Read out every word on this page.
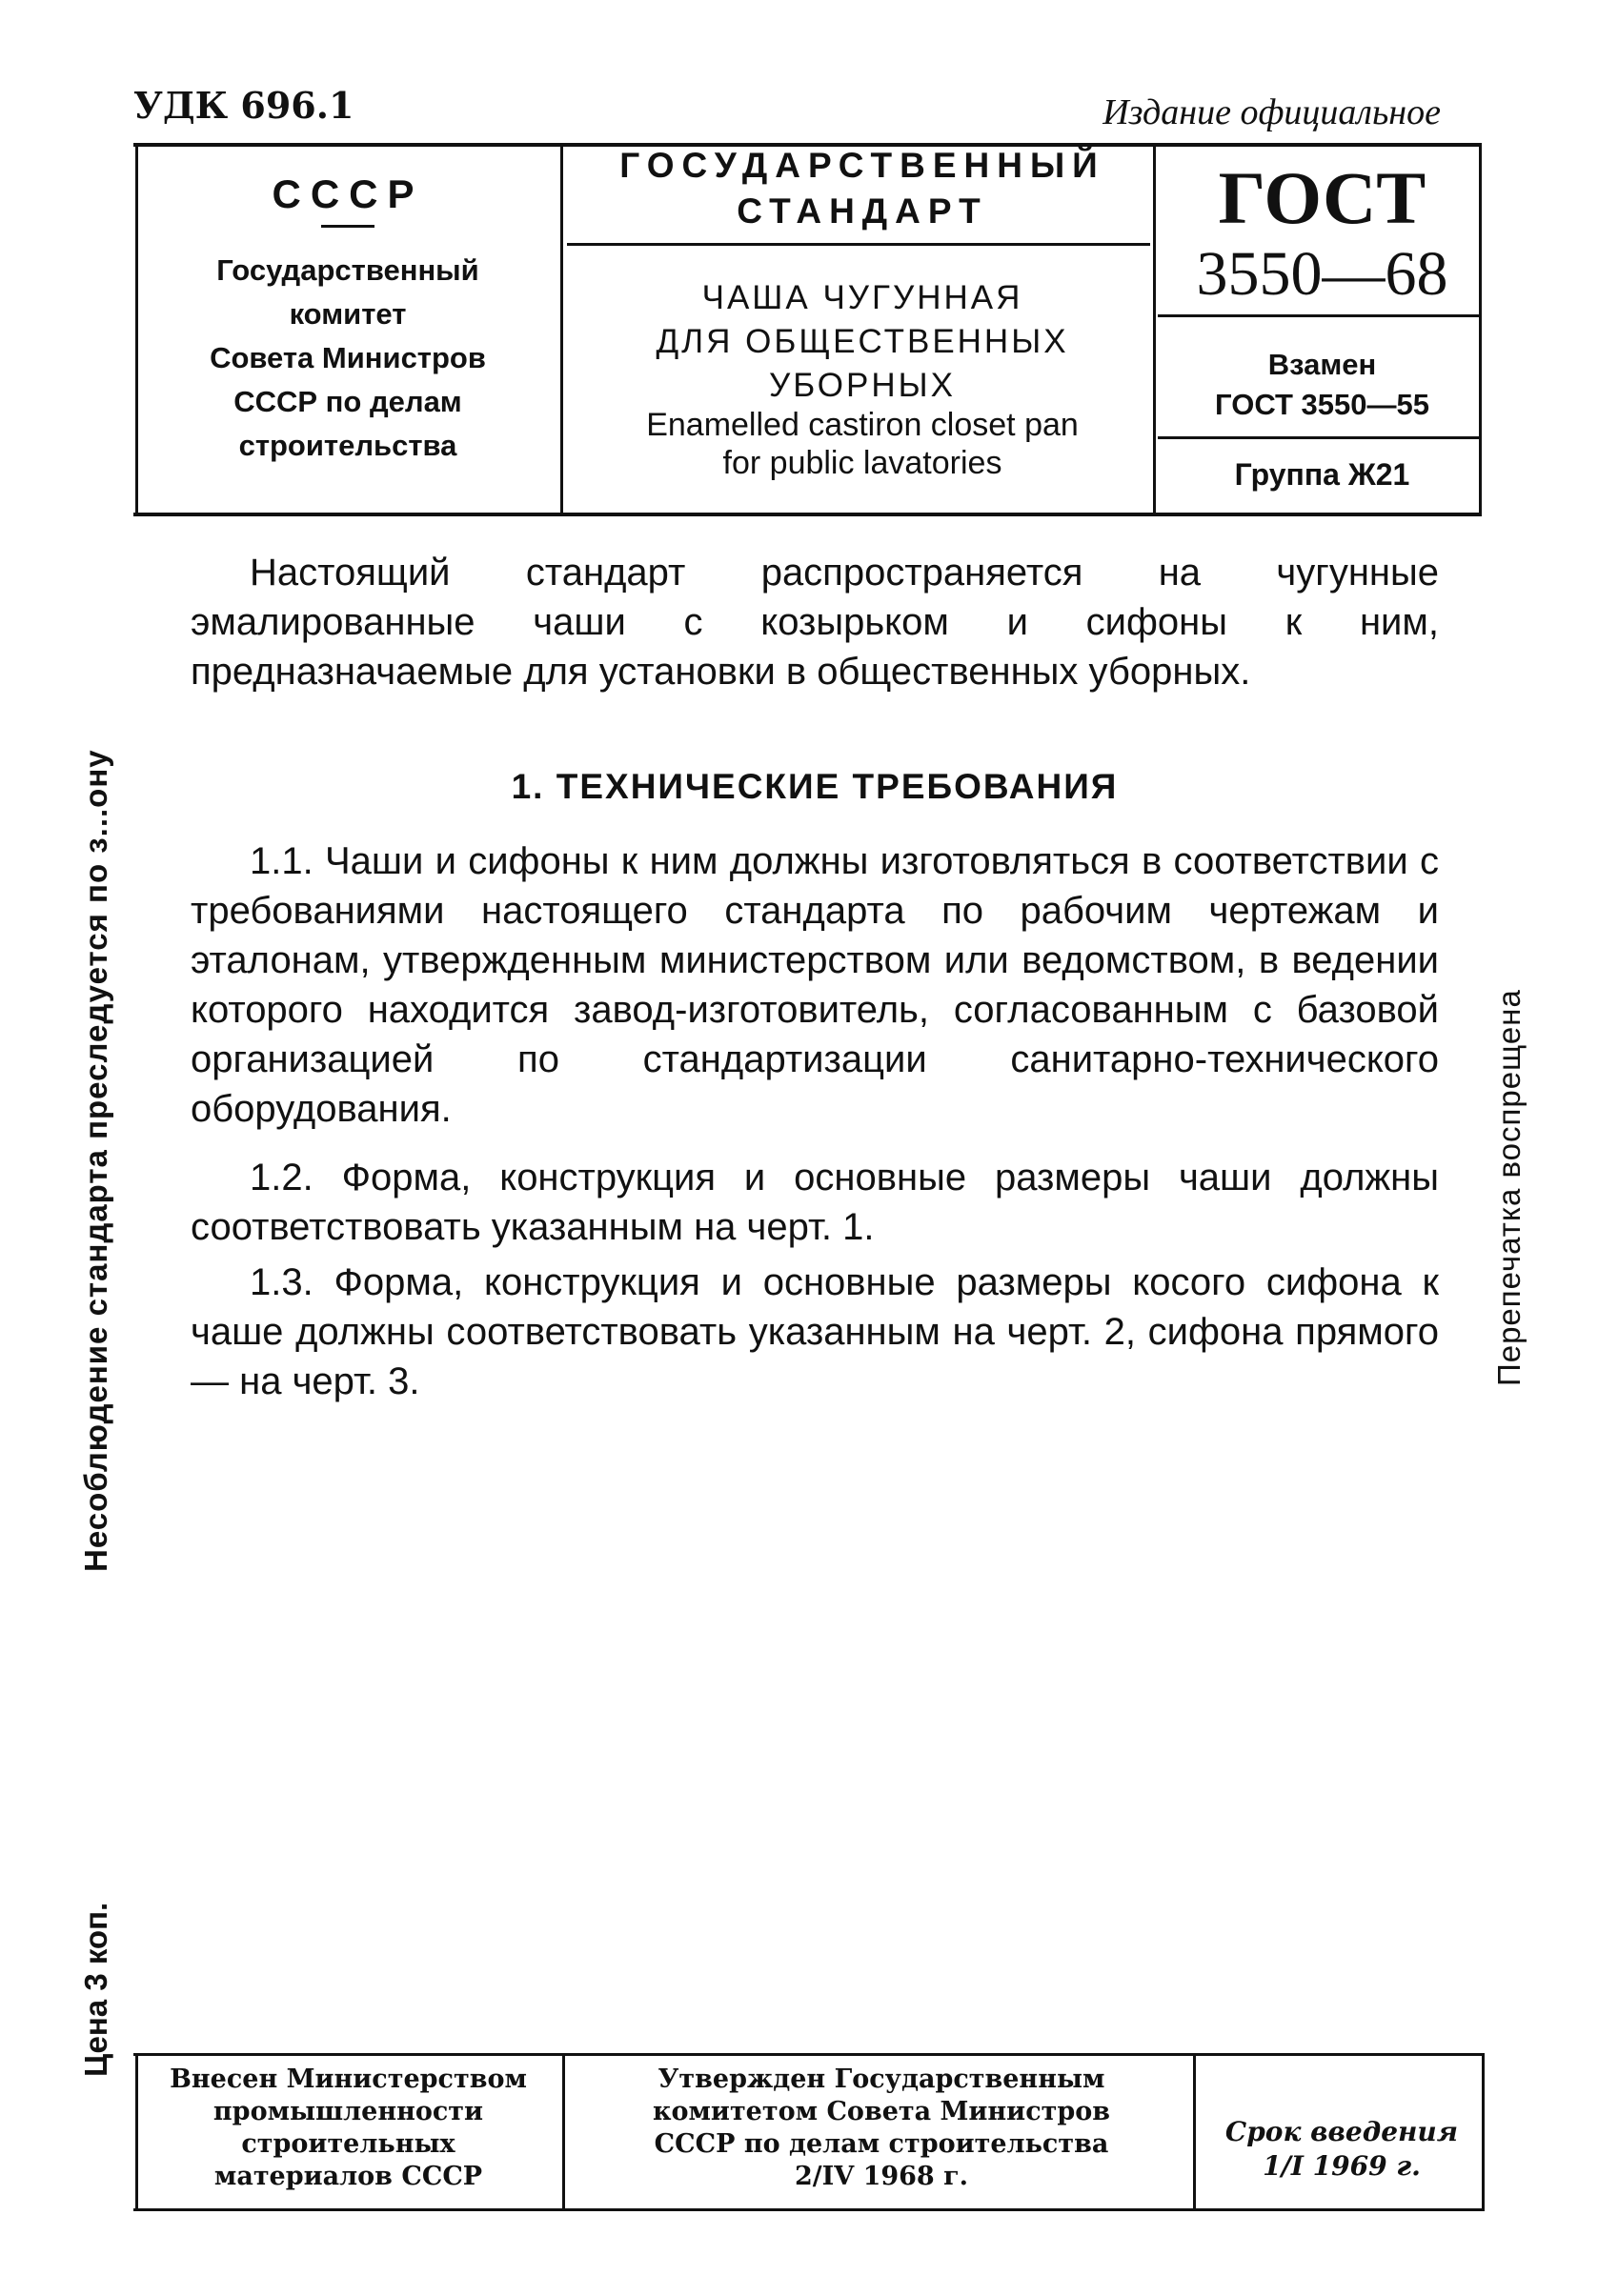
УДК 696.1	Издание официальное
СССР
Государственный
комитет
Совета Министров
СССР по делам
строительства
ГОСУДАРСТВЕННЫЙ
СТАНДАРТ
ЧАША ЧУГУННАЯ
ДЛЯ ОБЩЕСТВЕННЫХ
УБОРНЫХ
Enamelled castiron closet pan
for public lavatories
ГОСТ
3550—68
Взамен
ГОСТ 3550—55
Группа Ж21

Настоящий стандарт распространяется на чугунные эмалированные чаши с козырьком и сифоны к ним, предназначаемые для установки в общественных уборных.

1. ТЕХНИЧЕСКИЕ ТРЕБОВАНИЯ

1.1. Чаши и сифоны к ним должны изготовляться в соответствии с требованиями настоящего стандарта по рабочим чертежам и эталонам, утвержденным министерством или ведомством, в ведении которого находится завод-изготовитель, согласованным с базовой организацией по стандартизации санитарно-технического оборудования.

1.2. Форма, конструкция и основные размеры чаши должны соответствовать указанным на черт. 1.

1.3. Форма, конструкция и основные размеры косого сифона к чаше должны соответствовать указанным на черт. 2, сифона прямого — на черт. 3.

Несоблюдение стандарта преследуется по з...ону
Цена 3 коп.
Перепечатка воспрещена
Внесен Министерством
промышленности
строительных
материалов СССР
Утвержден Государственным
комитетом Совета Министров
СССР по делам строительства
2/IV 1968 г.
Срок введения
1/I 1969 г.
